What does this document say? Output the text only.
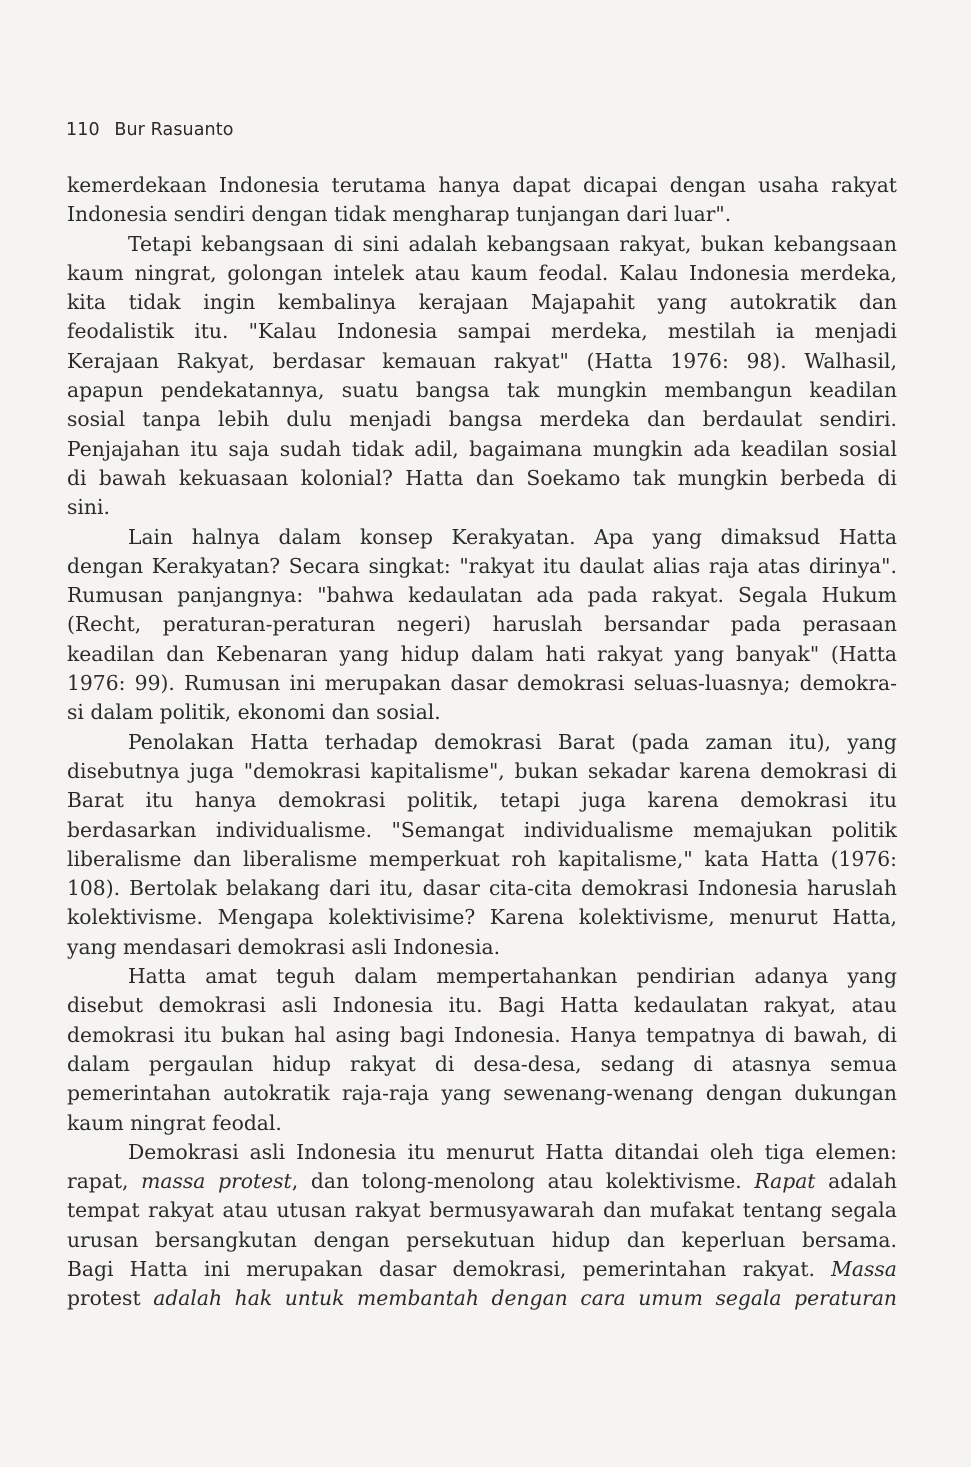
110 Bur Rasuanto
kemerdekaan Indonesia terutama hanya dapat dicapai dengan usaha rakyat
Indonesia sendiri dengan tidak mengharap tunjangan dari luar".
Tetapi kebangsaan di sini adalah kebangsaan rakyat, bukan kebangsaan
kaum ningrat, golongan intelek atau kaum feodal. Kalau Indonesia merdeka,
kita tidak ingin kembalinya kerajaan Majapahit yang autokratik dan
feodalistik itu. "Kalau Indonesia sampai merdeka, mestilah ia menjadi
Kerajaan Rakyat, berdasar kemauan rakyat" (Hatta 1976: 98). Walhasil,
apapun pendekatannya, suatu bangsa tak mungkin membangun keadilan
sosial tanpa lebih dulu menjadi bangsa merdeka dan berdaulat sendiri.
Penjajahan itu saja sudah tidak adil, bagaimana mungkin ada keadilan sosial
di bawah kekuasaan kolonial? Hatta dan Soekamo tak mungkin berbeda di
sini.
Lain halnya dalam konsep Kerakyatan. Apa yang dimaksud Hatta
dengan Kerakyatan? Secara singkat: "rakyat itu daulat alias raja atas dirinya".
Rumusan panjangnya: "bahwa kedaulatan ada pada rakyat. Segala Hukum
(Recht, peraturan-peraturan negeri) haruslah bersandar pada perasaan
keadilan dan Kebenaran yang hidup dalam hati rakyat yang banyak" (Hatta
1976: 99). Rumusan ini merupakan dasar demokrasi seluas-luasnya; demokra-
si dalam politik, ekonomi dan sosial.
Penolakan Hatta terhadap demokrasi Barat (pada zaman itu), yang
disebutnya juga "demokrasi kapitalisme", bukan sekadar karena demokrasi di
Barat itu hanya demokrasi politik, tetapi juga karena demokrasi itu
berdasarkan individualisme. "Semangat individualisme memajukan politik
liberalisme dan liberalisme memperkuat roh kapitalisme," kata Hatta (1976:
108). Bertolak belakang dari itu, dasar cita-cita demokrasi Indonesia haruslah
kolektivisme. Mengapa kolektivisime? Karena kolektivisme, menurut Hatta,
yang mendasari demokrasi asli Indonesia.
Hatta amat teguh dalam mempertahankan pendirian adanya yang
disebut demokrasi asli Indonesia itu. Bagi Hatta kedaulatan rakyat, atau
demokrasi itu bukan hal asing bagi Indonesia. Hanya tempatnya di bawah, di
dalam pergaulan hidup rakyat di desa-desa, sedang di atasnya semua
pemerintahan autokratik raja-raja yang sewenang-wenang dengan dukungan
kaum ningrat feodal.
Demokrasi asli Indonesia itu menurut Hatta ditandai oleh tiga elemen:
rapat, massa protest, dan tolong-menolong atau kolektivisme. Rapat adalah
tempat rakyat atau utusan rakyat bermusyawarah dan mufakat tentang segala
urusan bersangkutan dengan persekutuan hidup dan keperluan bersama.
Bagi Hatta ini merupakan dasar demokrasi, pemerintahan rakyat. Massa
protest adalah hak untuk membantah dengan cara umum segala peraturan
